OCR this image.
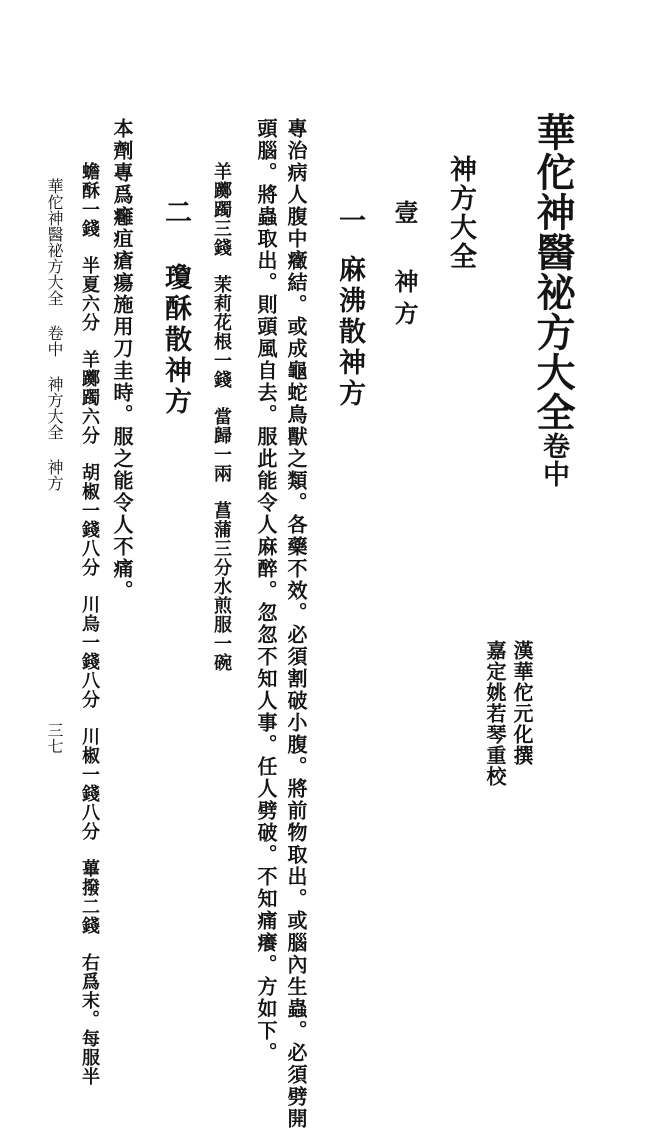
華佗神醫祕方大全卷中
漢華佗元化撰
嘉定姚若琴重校
神方大全
壹 神方
一麻沸散神方
專治病人腹中癥結。或成龜蛇鳥獸之類。各藥不效。必須割破小腹。將前物取出。或腦內生蟲。必須劈開
頭腦。將蟲取出。則頭風自去。服此能令人麻醉。忽忽不知人事。任人劈破。不知痛癢。方如下。
羊躑躅三錢茉莉花根一錢當歸一兩菖蒲三分水煎服一碗
二瓊酥散神方
本劑專爲癰疽瘡瘍施用刀圭時。服之能令人不痛。
蟾酥一錢半夏六分羊躑躅六分胡椒一錢八分川烏一錢八分川椒一錢八分蓽撥二錢右爲末。每服半
華佗神醫祕方大全 卷中 神方大全 神方
三七
